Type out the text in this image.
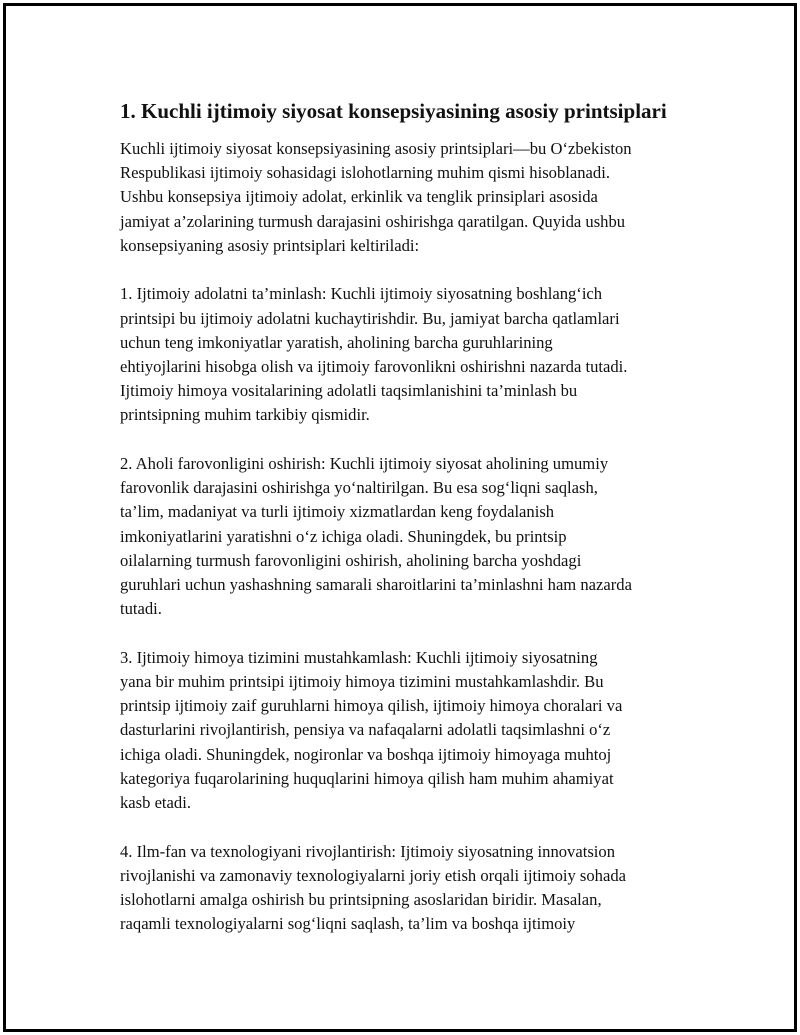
1. Kuchli ijtimoiy siyosat konsepsiyasining asosiy printsiplari

Kuchli ijtimoiy siyosat konsepsiyasining asosiy printsiplari—bu O‘zbekiston
Respublikasi ijtimoiy sohasidagi islohotlarning muhim qismi hisoblanadi.
Ushbu konsepsiya ijtimoiy adolat, erkinlik va tenglik prinsiplari asosida
jamiyat a’zolarining turmush darajasini oshirishga qaratilgan. Quyida ushbu
konsepsiyaning asosiy printsiplari keltiriladi:

1. Ijtimoiy adolatni ta’minlash: Kuchli ijtimoiy siyosatning boshlang‘ich
printsipi bu ijtimoiy adolatni kuchaytirishdir. Bu, jamiyat barcha qatlamlari
uchun teng imkoniyatlar yaratish, aholining barcha guruhlarining
ehtiyojlarini hisobga olish va ijtimoiy farovonlikni oshirishni nazarda tutadi.
Ijtimoiy himoya vositalarining adolatli taqsimlanishini ta’minlash bu
printsipning muhim tarkibiy qismidir.

2. Aholi farovonligini oshirish: Kuchli ijtimoiy siyosat aholining umumiy
farovonlik darajasini oshirishga yo‘naltirilgan. Bu esa sog‘liqni saqlash,
ta’lim, madaniyat va turli ijtimoiy xizmatlardan keng foydalanish
imkoniyatlarini yaratishni o‘z ichiga oladi. Shuningdek, bu printsip
oilalarning turmush farovonligini oshirish, aholining barcha yoshdagi
guruhlari uchun yashashning samarali sharoitlarini ta’minlashni ham nazarda
tutadi.

3. Ijtimoiy himoya tizimini mustahkamlash: Kuchli ijtimoiy siyosatning
yana bir muhim printsipi ijtimoiy himoya tizimini mustahkamlashdir. Bu
printsip ijtimoiy zaif guruhlarni himoya qilish, ijtimoiy himoya choralari va
dasturlarini rivojlantirish, pensiya va nafaqalarni adolatli taqsimlashni o‘z
ichiga oladi. Shuningdek, nogironlar va boshqa ijtimoiy himoyaga muhtoj
kategoriya fuqarolarining huquqlarini himoya qilish ham muhim ahamiyat
kasb etadi.

4. Ilm-fan va texnologiyani rivojlantirish: Ijtimoiy siyosatning innovatsion
rivojlanishi va zamonaviy texnologiyalarni joriy etish orqali ijtimoiy sohada
islohotlarni amalga oshirish bu printsipning asoslaridan biridir. Masalan,
raqamli texnologiyalarni sog‘liqni saqlash, ta’lim va boshqa ijtimoiy
